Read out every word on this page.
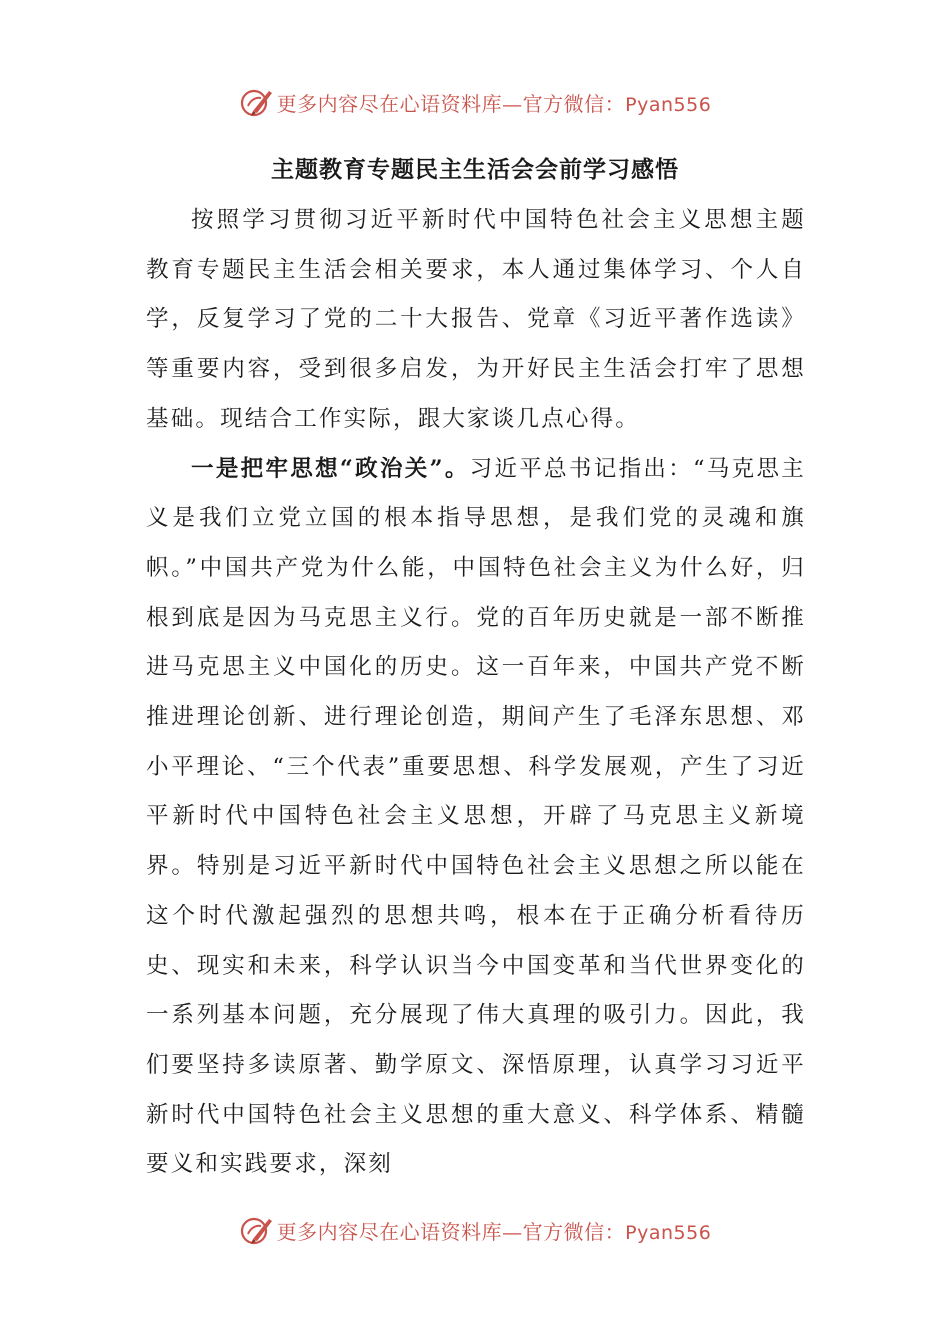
更多内容尽在心语资料库—官方微信：Pyan556
主题教育专题民主生活会会前学习感悟

按照学习贯彻习近平新时代中国特色社会主义思想主题教育专题民主生活会相关要求，本人通过集体学习、个人自学，反复学习了党的二十大报告、党章《习近平著作选读》等重要内容，受到很多启发，为开好民主生活会打牢了思想基础。现结合工作实际，跟大家谈几点心得。

一是把牢思想“政治关”。习近平总书记指出：“马克思主义是我们立党立国的根本指导思想，是我们党的灵魂和旗帜。”中国共产党为什么能，中国特色社会主义为什么好，归根到底是因为马克思主义行。党的百年历史就是一部不断推进马克思主义中国化的历史。这一百年来，中国共产党不断推进理论创新、进行理论创造，期间产生了毛泽东思想、邓小平理论、“三个代表”重要思想、科学发展观，产生了习近平新时代中国特色社会主义思想，开辟了马克思主义新境界。特别是习近平新时代中国特色社会主义思想之所以能在这个时代激起强烈的思想共鸣，根本在于正确分析看待历史、现实和未来，科学认识当今中国变革和当代世界变化的一系列基本问题，充分展现了伟大真理的吸引力。因此，我们要坚持多读原著、勤学原文、深悟原理，认真学习习近平新时代中国特色社会主义思想的重大意义、科学体系、精髓要义和实践要求，深刻

更多内容尽在心语资料库—官方微信：Pyan556
